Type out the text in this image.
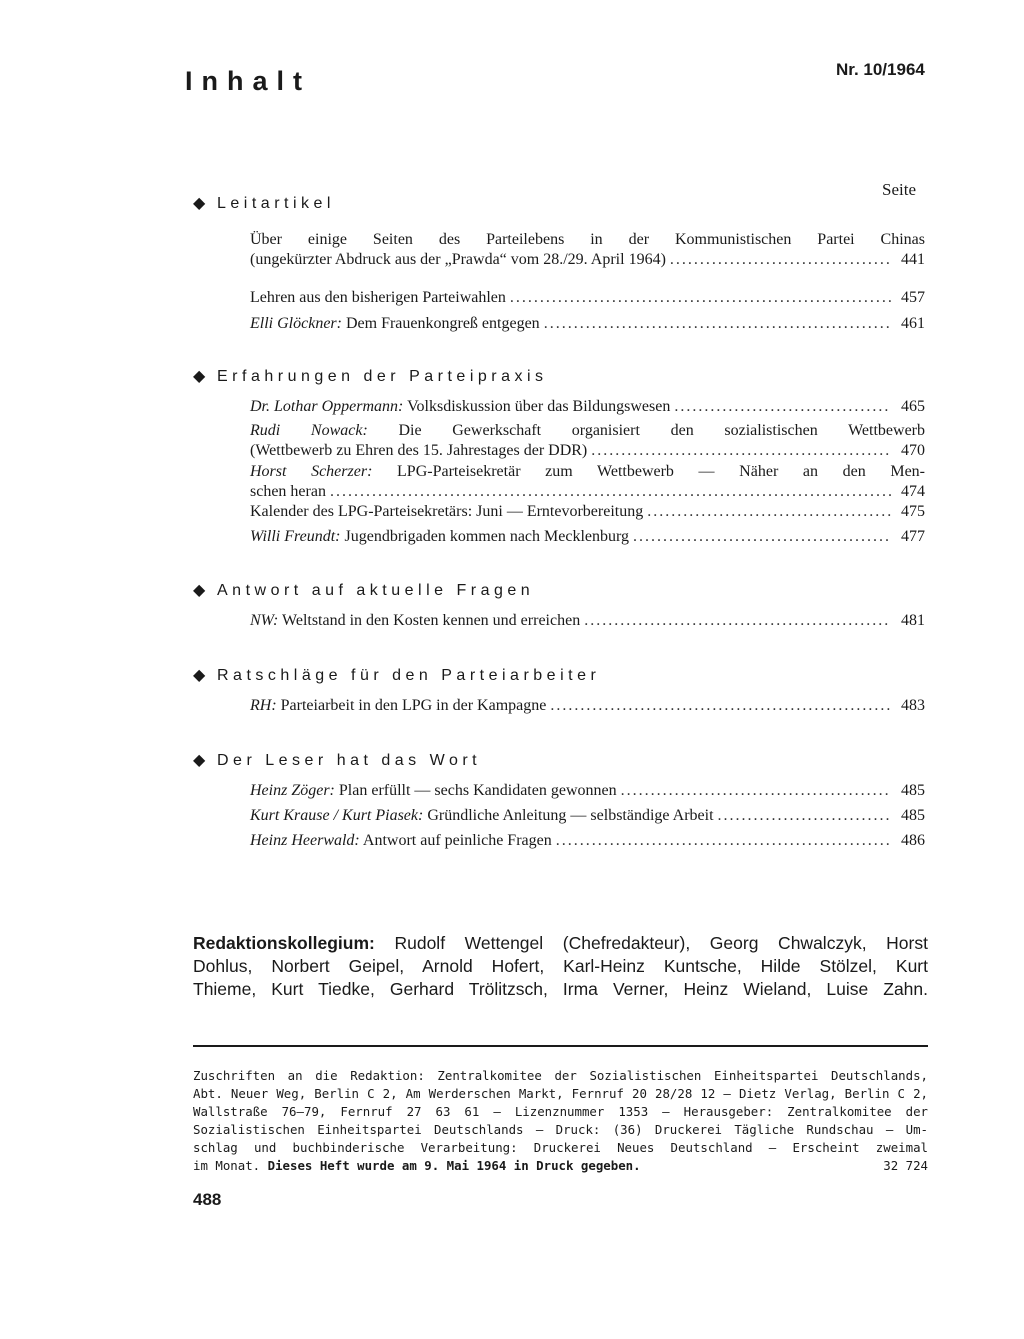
Inhalt	Nr. 10/1964
Seite
◆ Leitartikel
Über einige Seiten des Parteilebens in der Kommunistischen Partei Chinas
(ungekürzter Abdruck aus der „Prawda“ vom 28./29. April 1964) .....	441
Lehren aus den bisherigen Parteiwahlen .....	457
Elli Glöckner: Dem Frauenkongreß entgegen .....	461
◆ Erfahrungen der Parteipraxis
Dr. Lothar Oppermann: Volksdiskussion über das Bildungswesen .....	465
Rudi Nowack: Die Gewerkschaft organisiert den sozialistischen Wettbewerb
(Wettbewerb zu Ehren des 15. Jahrestages der DDR) .....	470
Horst Scherzer: LPG-Parteisekretär zum Wettbewerb — Näher an den Men-
schen heran .....	474
Kalender des LPG-Parteisekretärs: Juni — Erntevorbereitung .....	475
Willi Freundt: Jugendbrigaden kommen nach Mecklenburg .....	477
◆ Antwort auf aktuelle Fragen
NW: Weltstand in den Kosten kennen und erreichen .....	481
◆ Ratschläge für den Parteiarbeiter
RH: Parteiarbeit in den LPG in der Kampagne .....	483
◆ Der Leser hat das Wort
Heinz Zöger: Plan erfüllt — sechs Kandidaten gewonnen .....	485
Kurt Krause / Kurt Piasek: Gründliche Anleitung — selbständige Arbeit .....	485
Heinz Heerwald: Antwort auf peinliche Fragen .....	486
Redaktionskollegium: Rudolf Wettengel (Chefredakteur), Georg Chwalczyk, Horst
Dohlus, Norbert Geipel, Arnold Hofert, Karl-Heinz Kuntsche, Hilde Stölzel, Kurt
Thieme, Kurt Tiedke, Gerhard Trölitzsch, Irma Verner, Heinz Wieland, Luise Zahn.
Zuschriften an die Redaktion: Zentralkomitee der Sozialistischen Einheitspartei Deutschlands,
Abt. Neuer Weg, Berlin C 2, Am Werderschen Markt, Fernruf 20 28/28 12 — Dietz Verlag, Berlin C 2,
Wallstraße 76—79, Fernruf 27 63 61 — Lizenznummer 1353 — Herausgeber: Zentralkomitee der
Sozialistischen Einheitspartei Deutschlands — Druck: (36) Druckerei Tägliche Rundschau — Um-
schlag und buchbinderische Verarbeitung: Druckerei Neues Deutschland — Erscheint zweimal
im Monat. Dieses Heft wurde am 9. Mai 1964 in Druck gegeben.	32 724
488
